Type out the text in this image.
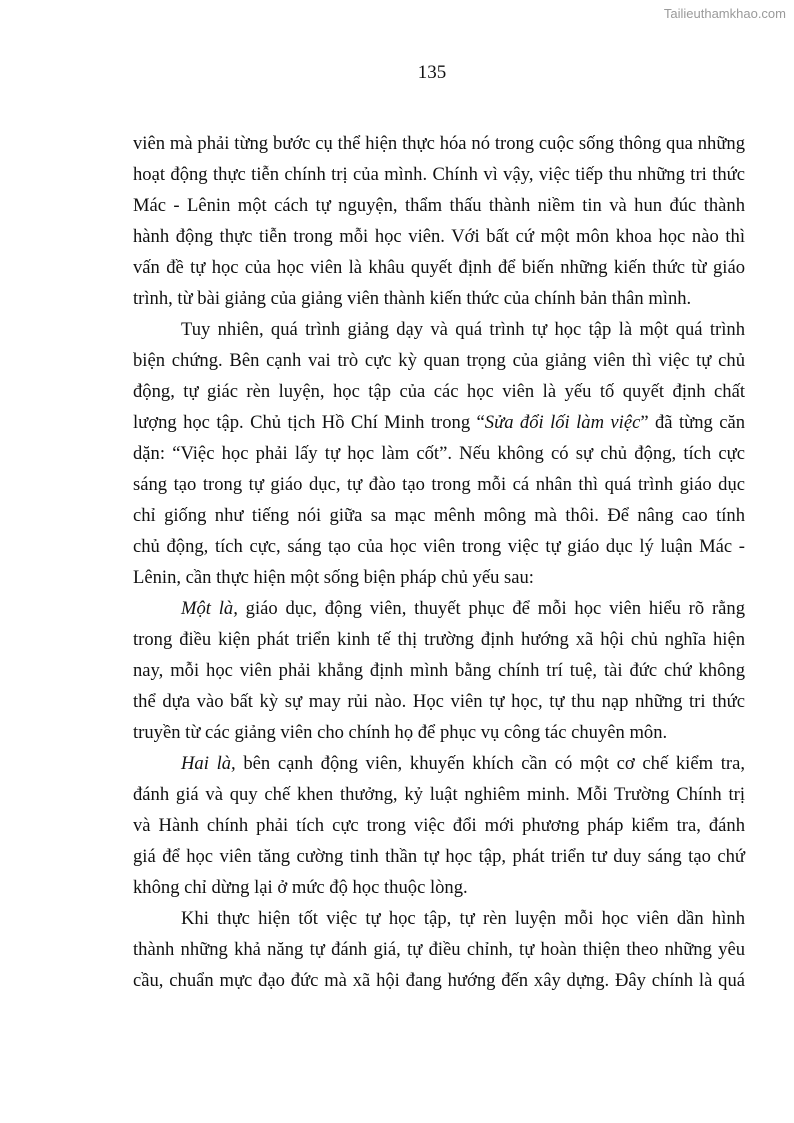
Tailieuthamkhao.com
135
viên mà phải từng bước cụ thể hiện thực hóa nó trong cuộc sống thông qua những
hoạt động thực tiễn chính trị của mình. Chính vì vậy, việc tiếp thu những tri thức
Mác - Lênin một cách tự nguyện, thẩm thấu thành niềm tin và hun đúc thành
hành động thực tiễn trong mỗi học viên. Với bất cứ một môn khoa học nào thì
vấn đề tự học của học viên là khâu quyết định để biến những kiến thức từ giáo
trình, từ bài giảng của giảng viên thành kiến thức của chính bản thân mình.
Tuy nhiên, quá trình giảng dạy và quá trình tự học tập là một quá trình
biện chứng. Bên cạnh vai trò cực kỳ quan trọng của giảng viên thì việc tự chủ
động, tự giác rèn luyện, học tập của các học viên là yếu tố quyết định chất
lượng học tập. Chủ tịch Hồ Chí Minh trong “Sửa đổi lối làm việc” đã từng căn
dặn: “Việc học phải lấy tự học làm cốt”. Nếu không có sự chủ động, tích cực
sáng tạo trong tự giáo dục, tự đào tạo trong mỗi cá nhân thì quá trình giáo dục
chỉ giống như tiếng nói giữa sa mạc mênh mông mà thôi. Để nâng cao tính
chủ động, tích cực, sáng tạo của học viên trong việc tự giáo dục lý luận Mác -
Lênin, cần thực hiện một sống biện pháp chủ yếu sau:
Một là, giáo dục, động viên, thuyết phục để mỗi học viên hiểu rõ rằng
trong điều kiện phát triển kinh tế thị trường định hướng xã hội chủ nghĩa hiện
nay, mỗi học viên phải khẳng định mình bằng chính trí tuệ, tài đức chứ không
thể dựa vào bất kỳ sự may rủi nào. Học viên tự học, tự thu nạp những tri thức
truyền từ các giảng viên cho chính họ để phục vụ công tác chuyên môn.
Hai là, bên cạnh động viên, khuyến khích cần có một cơ chế kiểm tra,
đánh giá và quy chế khen thưởng, kỷ luật nghiêm minh. Mỗi Trường Chính trị
và Hành chính phải tích cực trong việc đổi mới phương pháp kiểm tra, đánh
giá để học viên tăng cường tinh thần tự học tập, phát triển tư duy sáng tạo chứ
không chỉ dừng lại ở mức độ học thuộc lòng.
Khi thực hiện tốt việc tự học tập, tự rèn luyện mỗi học viên dần hình
thành những khả năng tự đánh giá, tự điều chỉnh, tự hoàn thiện theo những yêu
cầu, chuẩn mực đạo đức mà xã hội đang hướng đến xây dựng. Đây chính là quá
